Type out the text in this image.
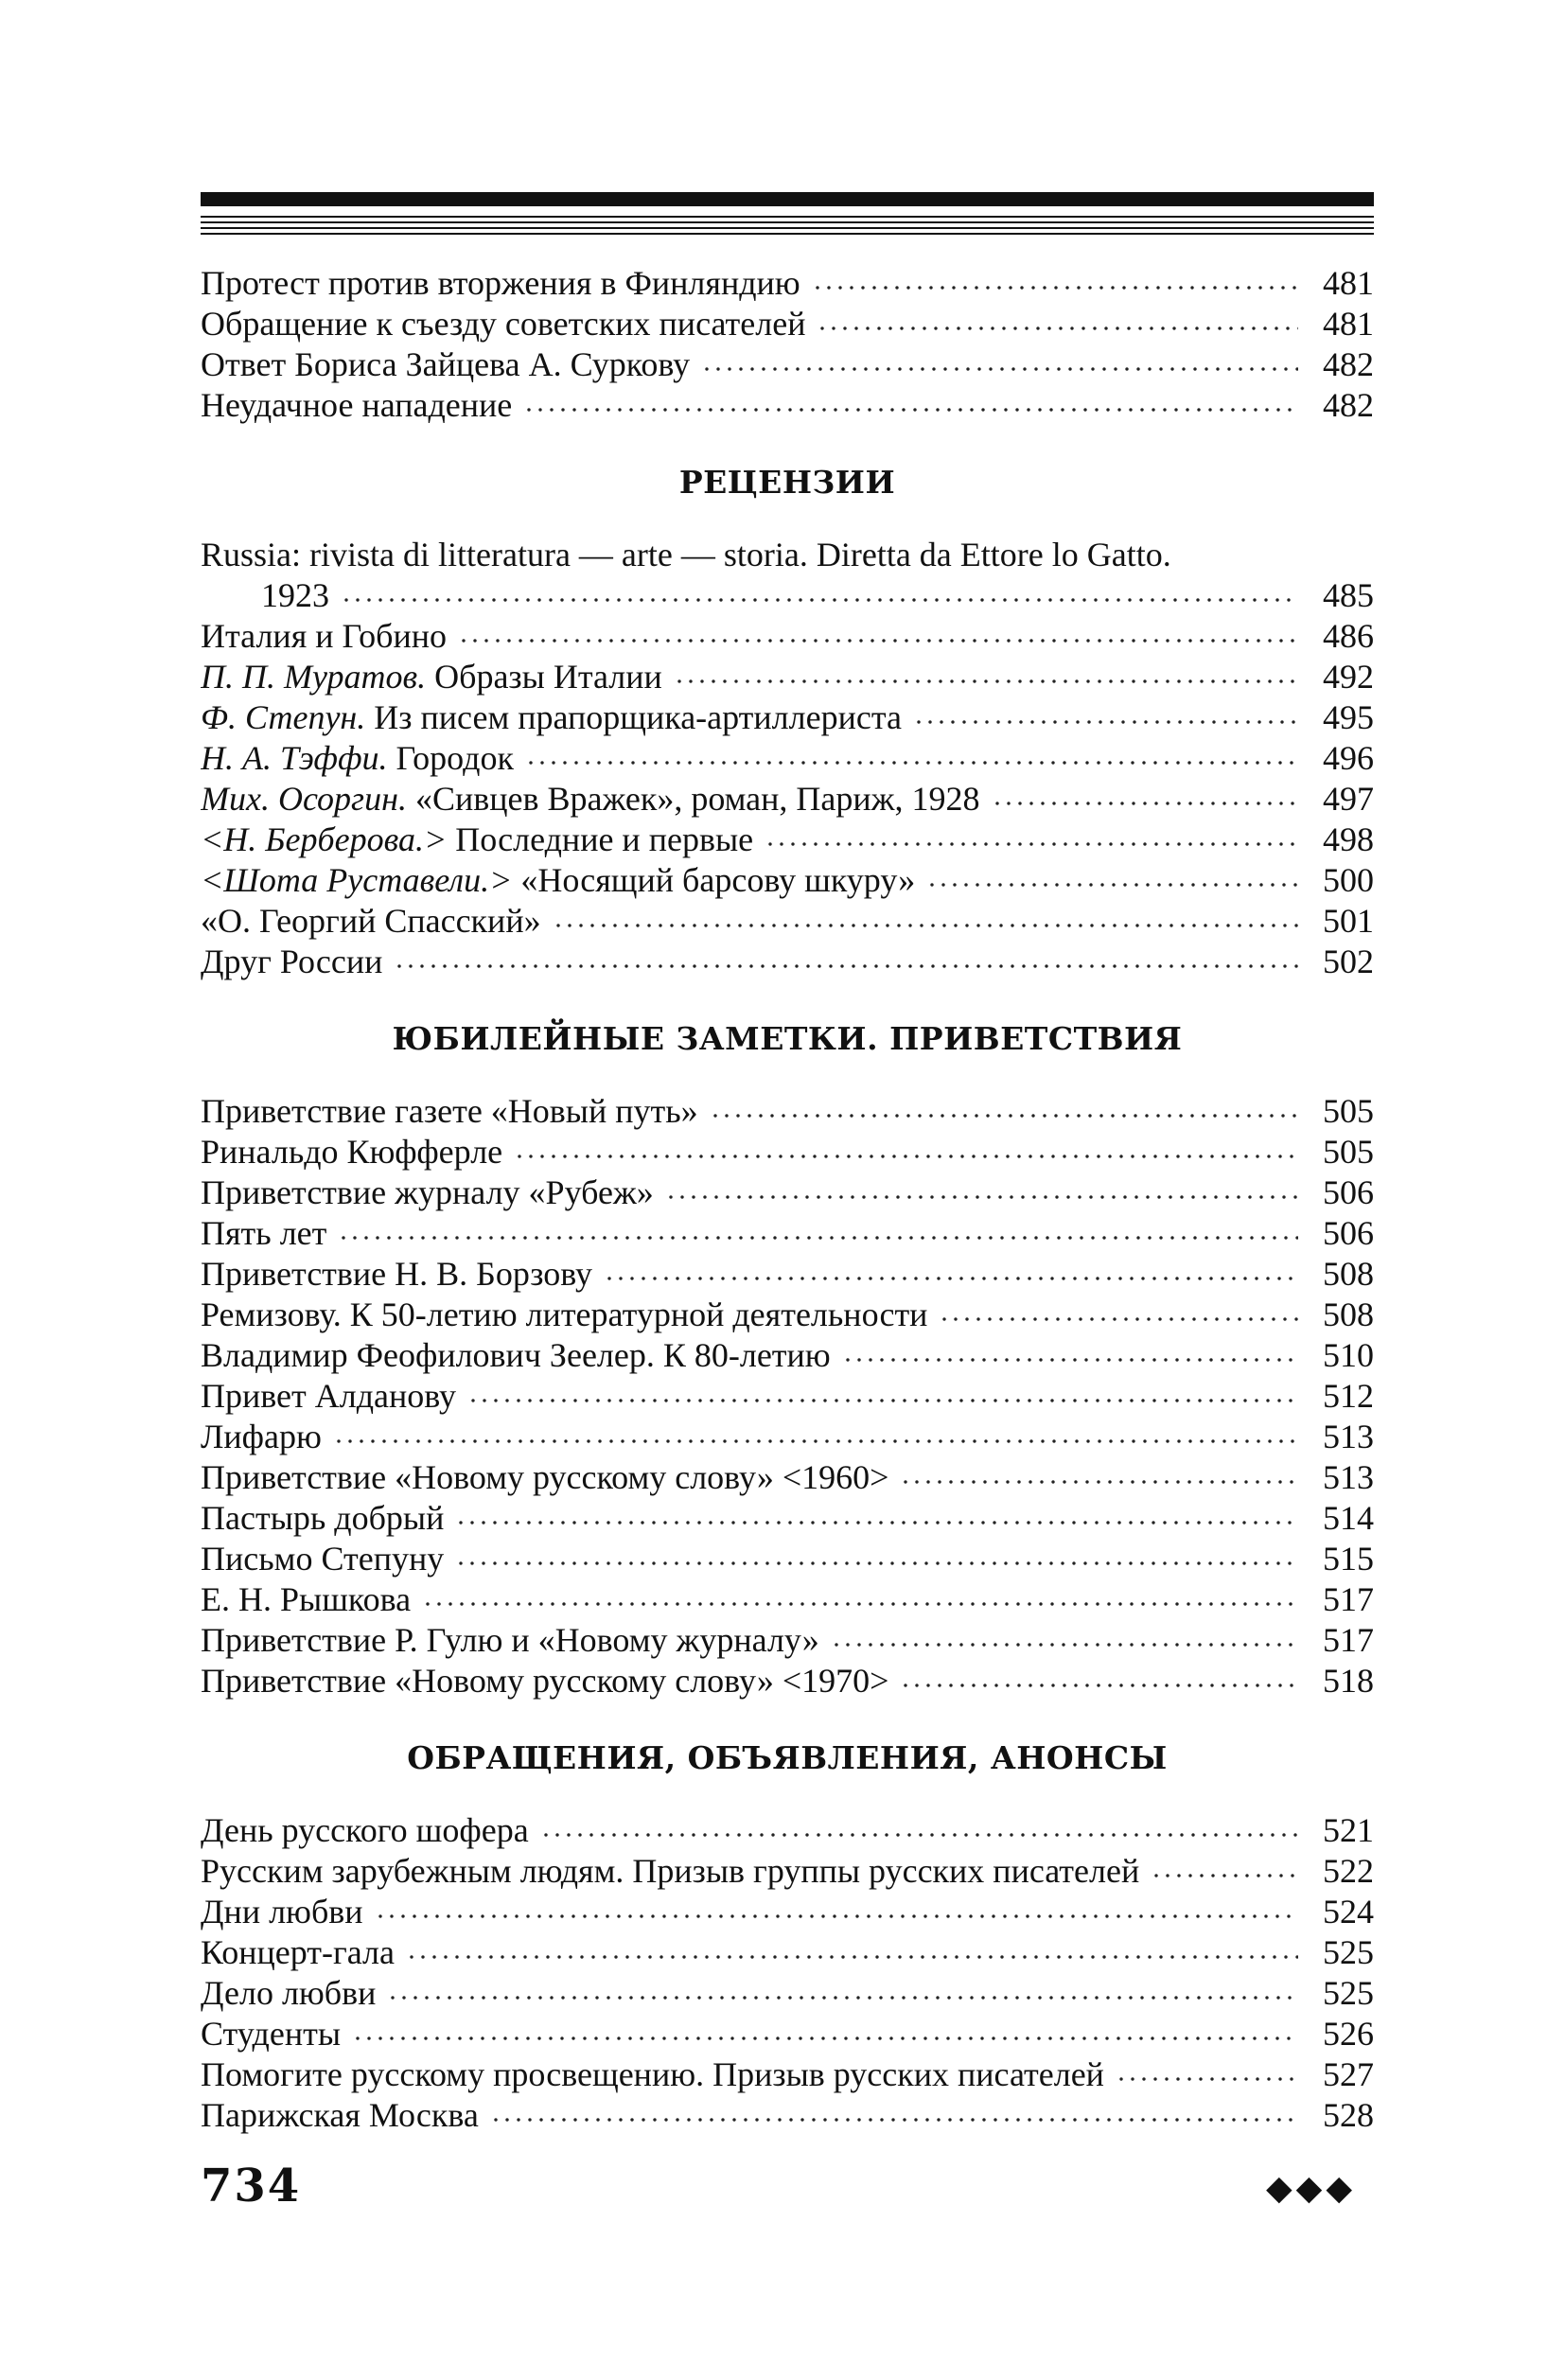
Протест против вторжения в Финляндию	481
Обращение к съезду советских писателей	481
Ответ Бориса Зайцева А. Суркову	482
Неудачное нападение	482
РЕЦЕНЗИИ
Russia: rivista di litteratura — arte — storia. Diretta da Ettore lo Gatto.
1923	485
Италия и Гобино	486
П. П. Муратов. Образы Италии	492
Ф. Степун. Из писем прапорщика-артиллериста	495
Н. А. Тэффи. Городок	496
Мих. Осоргин. «Сивцев Вражек», роман, Париж, 1928	497
<Н. Берберова.> Последние и первые	498
<Шота Руставели.> «Носящий барсову шкуру»	500
«О. Георгий Спасский»	501
Друг России	502
ЮБИЛЕЙНЫЕ ЗАМЕТКИ. ПРИВЕТСТВИЯ
Приветствие газете «Новый путь»	505
Ринальдо Кюфферле	505
Приветствие журналу «Рубеж»	506
Пять лет	506
Приветствие Н. В. Борзову	508
Ремизову. К 50-летию литературной деятельности	508
Владимир Феофилович Зеелер. К 80-летию	510
Привет Алданову	512
Лифарю	513
Приветствие «Новому русскому слову» <1960>	513
Пастырь добрый	514
Письмо Степуну	515
Е. Н. Рышкова	517
Приветствие Р. Гулю и «Новому журналу»	517
Приветствие «Новому русскому слову» <1970>	518
ОБРАЩЕНИЯ, ОБЪЯВЛЕНИЯ, АНОНСЫ
День русского шофера	521
Русским зарубежным людям. Призыв группы русских писателей	522
Дни любви	524
Концерт-гала	525
Дело любви	525
Студенты	526
Помогите русскому просвещению. Призыв русских писателей	527
Парижская Москва	528
734	◆◆◆
